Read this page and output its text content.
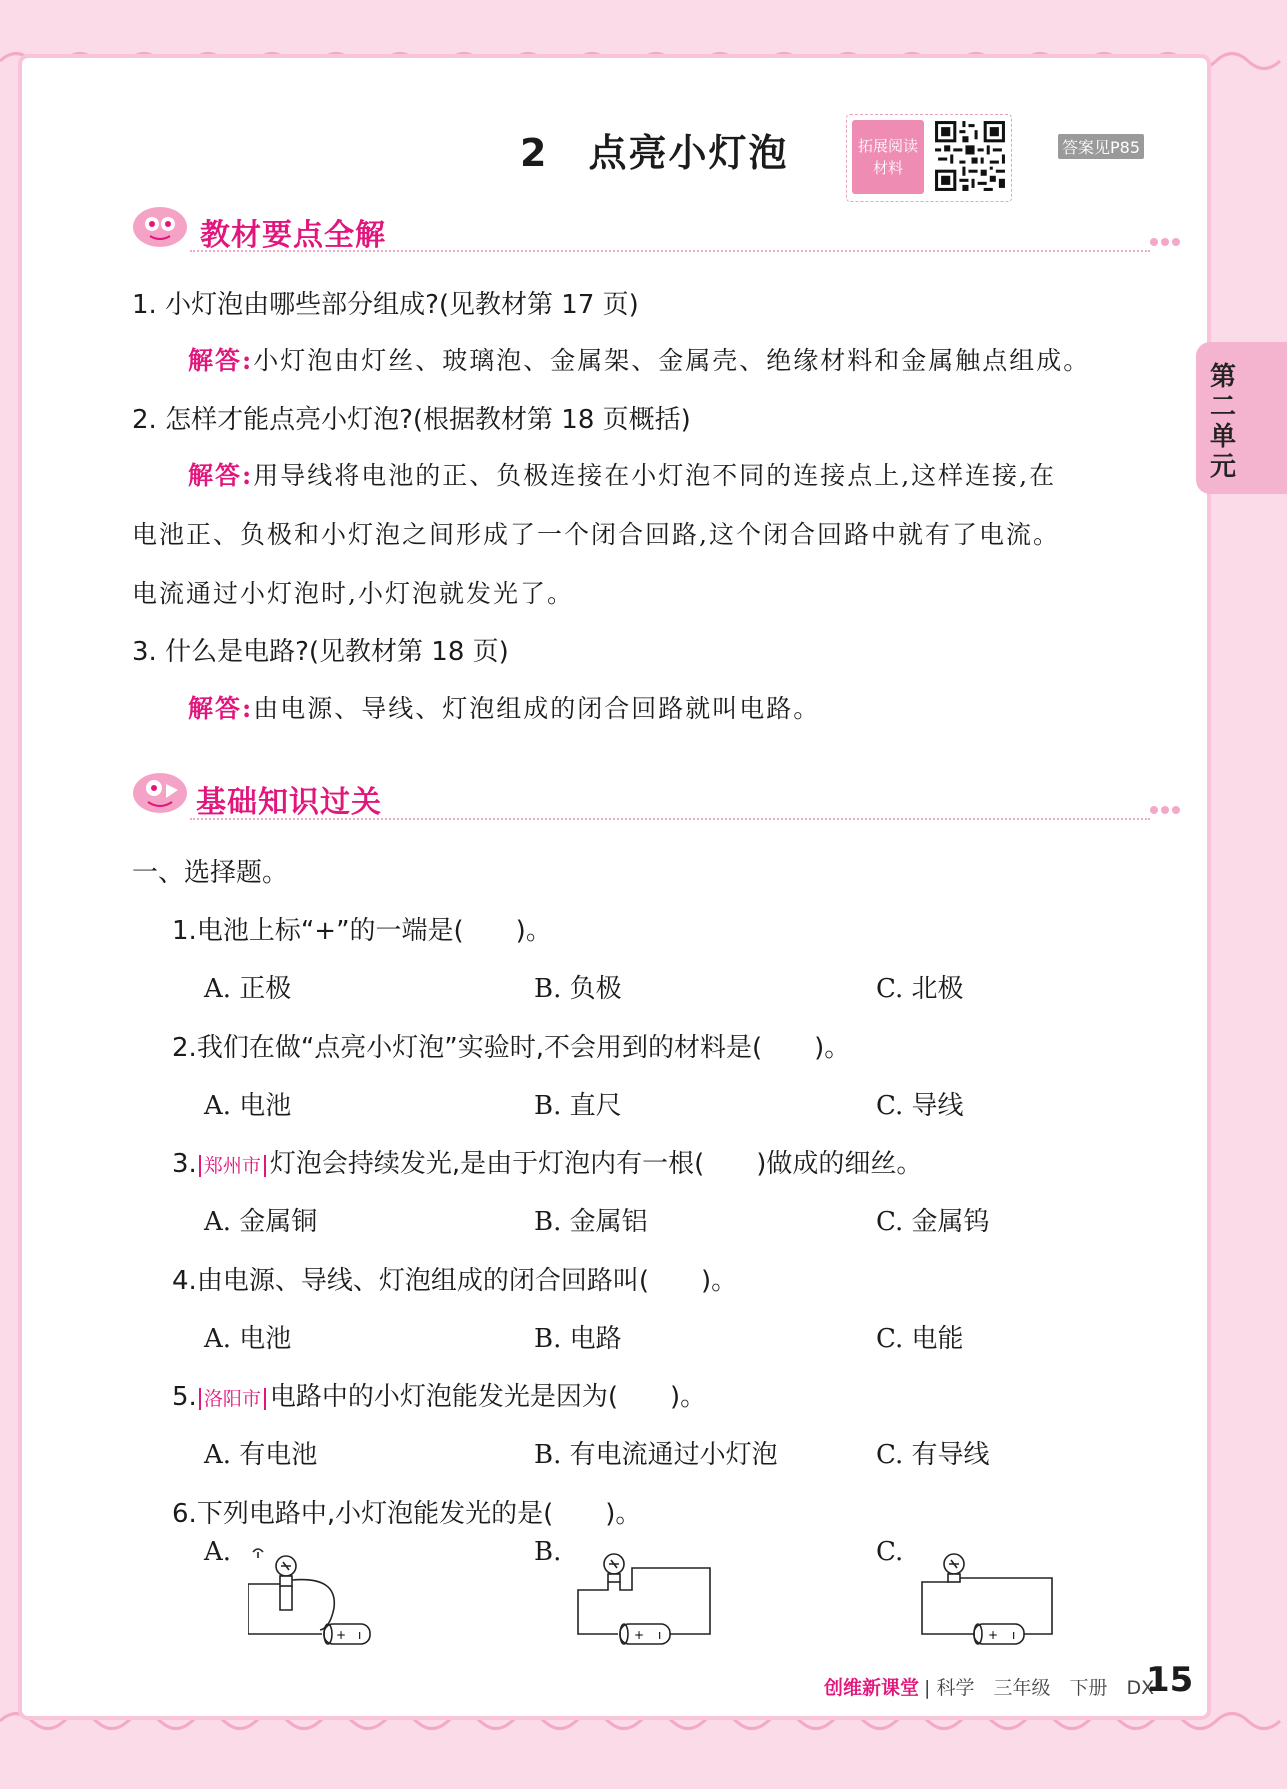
第二单元
2　点亮小灯泡	拓展阅读
材料
答案见P85
教材要点全解
1. 小灯泡由哪些部分组成?(见教材第 17 页)
解答:小灯泡由灯丝、玻璃泡、金属架、金属壳、绝缘材料和金属触点组成。
2. 怎样才能点亮小灯泡?(根据教材第 18 页概括)
解答:用导线将电池的正、负极连接在小灯泡不同的连接点上,这样连接,在
电池正、负极和小灯泡之间形成了一个闭合回路,这个闭合回路中就有了电流。
电流通过小灯泡时,小灯泡就发光了。
3. 什么是电路?(见教材第 18 页)
解答:由电源、导线、灯泡组成的闭合回路就叫电路。
基础知识过关
一、选择题。
1.电池上标“+”的一端是(　　)。
A. 正极	B. 负极	C. 北极
2.我们在做“点亮小灯泡”实验时,不会用到的材料是(　　)。
A. 电池	B. 直尺	C. 导线
3. 郑州市 灯泡会持续发光,是由于灯泡内有一根(　　)做成的细丝。
A. 金属铜	B. 金属铝	C. 金属钨
4.由电源、导线、灯泡组成的闭合回路叫(　　)。
A. 电池	B. 电路	C. 电能
5. 洛阳市 电路中的小灯泡能发光是因为(　　)。
A. 有电池	B. 有电流通过小灯泡	C. 有导线
6.下列电路中,小灯泡能发光的是(　　)。
A.	B.	C.
+ ı	+ ı	+ ı
创维新课堂 | 科学　三年级　下册　DX
15
